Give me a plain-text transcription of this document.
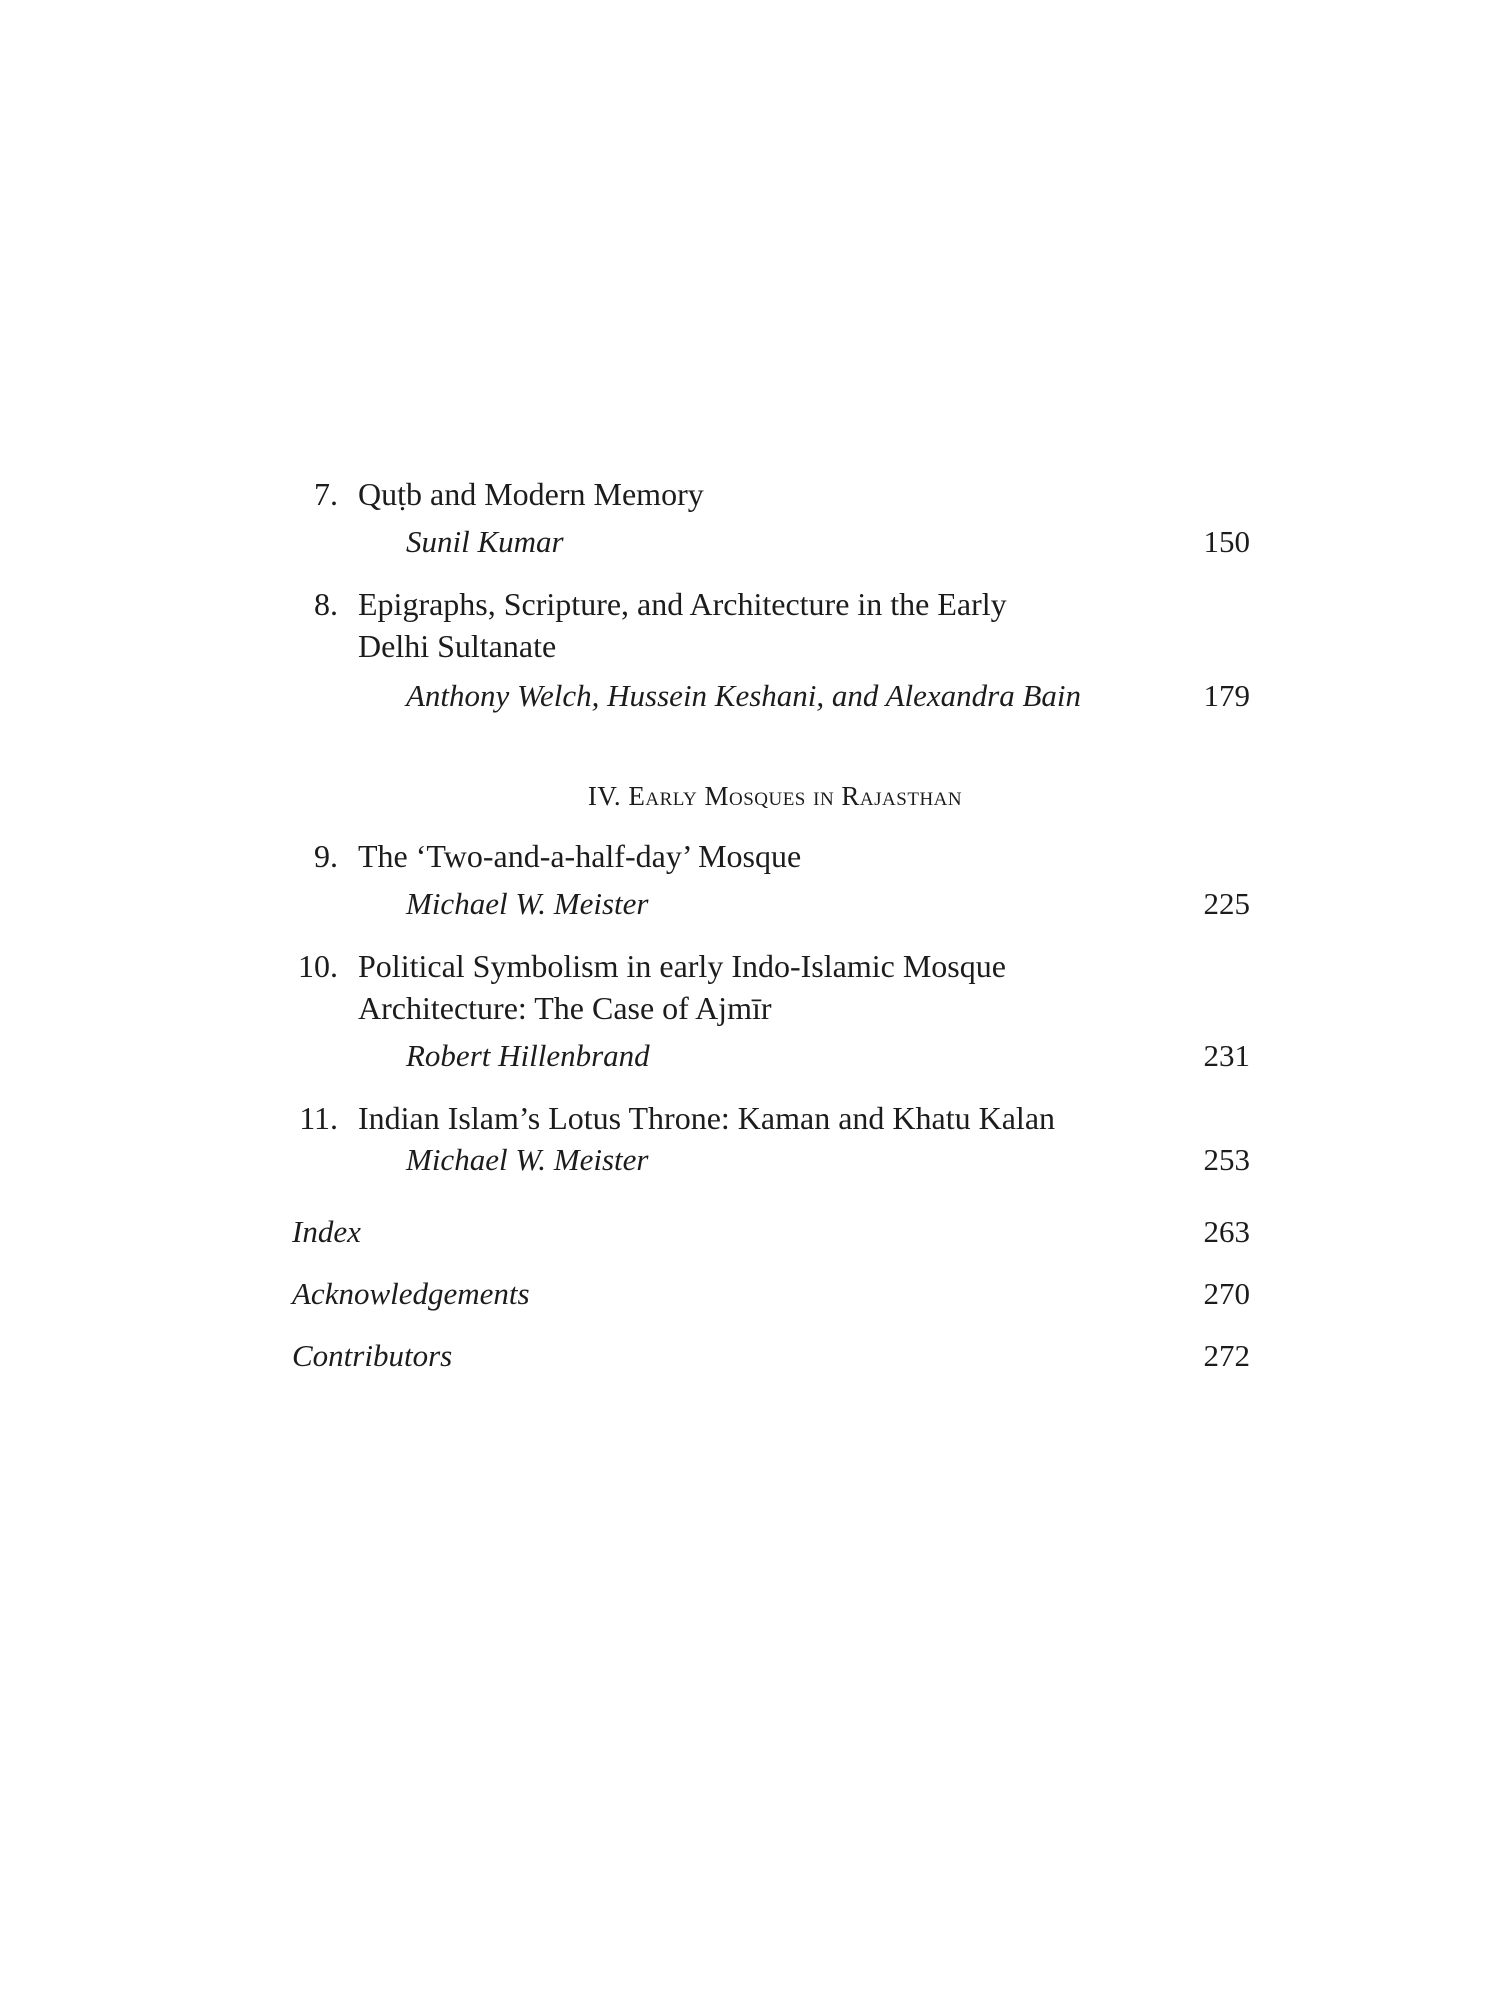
7. Quṭb and Modern Memory
Sunil Kumar	150
8. Epigraphs, Scripture, and Architecture in the Early
Delhi Sultanate
Anthony Welch, Hussein Keshani, and Alexandra Bain	179
IV. Early Mosques in Rajasthan
9. The ‘Two-and-a-half-day’ Mosque
Michael W. Meister	225
10. Political Symbolism in early Indo-Islamic Mosque
Architecture: The Case of Ajmīr
Robert Hillenbrand	231
11. Indian Islam’s Lotus Throne: Kaman and Khatu Kalan
Michael W. Meister	253
Index	263
Acknowledgements	270
Contributors	272
